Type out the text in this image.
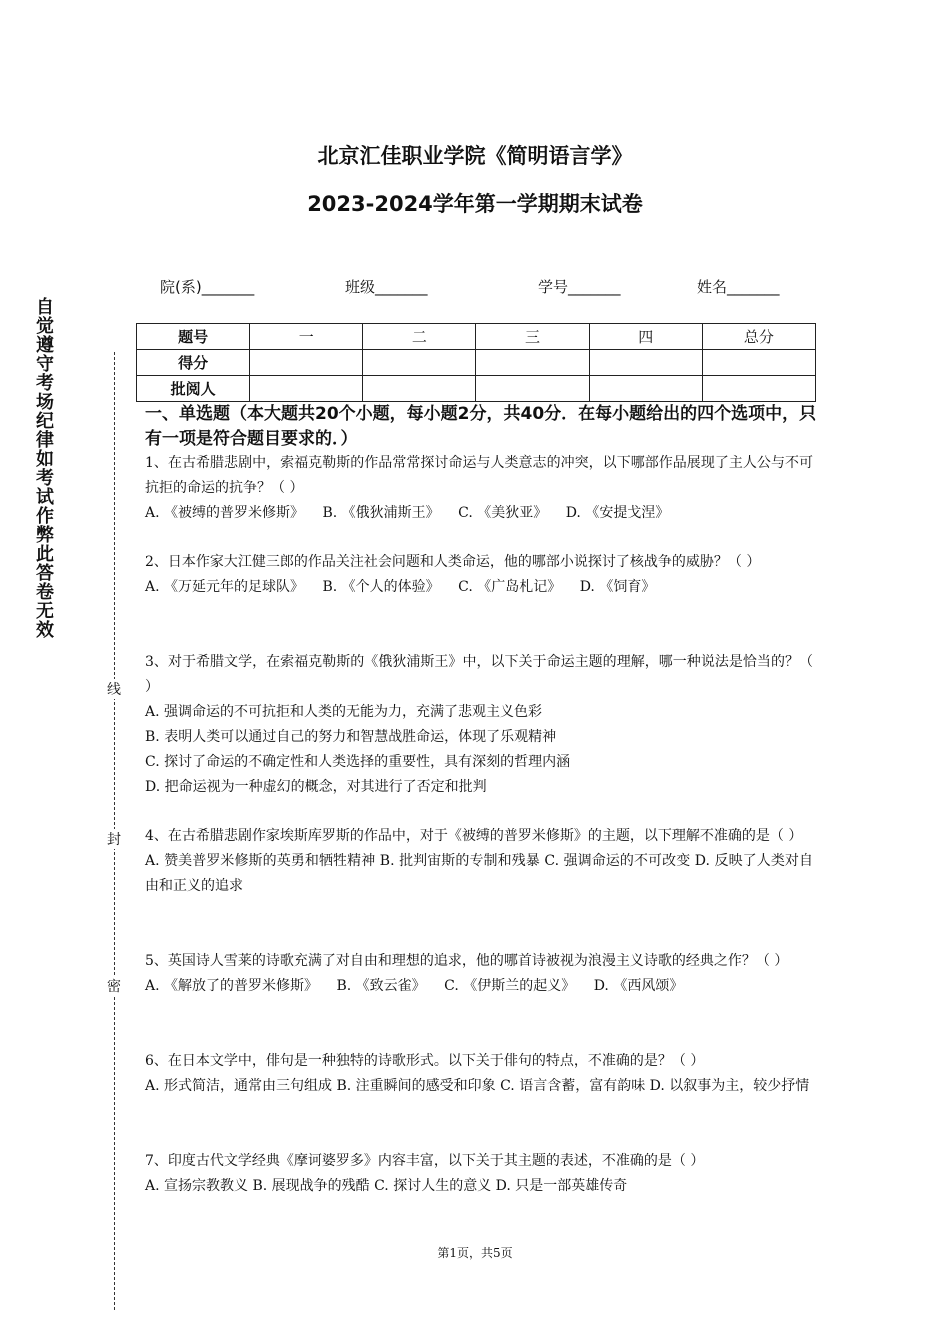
北京汇佳职业学院《简明语言学》
2023-2024学年第一学期期末试卷
院(系)_______	班级_______	学号_______	姓名_______
题号	一	二	三	四	总分
得分					
批阅人					
自觉遵守考场纪律如考试作弊此答卷无效
线
封
密
一、单选题（本大题共20个小题，每小题2分，共40分．在每小题给出的四个选项中，只有一项是符合题目要求的．）

1、在古希腊悲剧中，索福克勒斯的作品常常探讨命运与人类意志的冲突，以下哪部作品展现了主人公与不可抗拒的命运的抗争？（ ）

A. 《被缚的普罗米修斯》 B. 《俄狄浦斯王》 C. 《美狄亚》 D. 《安提戈涅》

2、日本作家大江健三郎的作品关注社会问题和人类命运，他的哪部小说探讨了核战争的威胁？（ ）

A. 《万延元年的足球队》 B. 《个人的体验》 C. 《广岛札记》 D. 《饲育》

3、对于希腊文学，在索福克勒斯的《俄狄浦斯王》中，以下关于命运主题的理解，哪一种说法是恰当的？（ ）

A. 强调命运的不可抗拒和人类的无能为力，充满了悲观主义色彩

B. 表明人类可以通过自己的努力和智慧战胜命运，体现了乐观精神

C. 探讨了命运的不确定性和人类选择的重要性，具有深刻的哲理内涵

D. 把命运视为一种虚幻的概念，对其进行了否定和批判

4、在古希腊悲剧作家埃斯库罗斯的作品中，对于《被缚的普罗米修斯》的主题，以下理解不准确的是（ ）

A. 赞美普罗米修斯的英勇和牺牲精神 B. 批判宙斯的专制和残暴 C. 强调命运的不可改变 D. 反映了人类对自由和正义的追求

5、英国诗人雪莱的诗歌充满了对自由和理想的追求，他的哪首诗被视为浪漫主义诗歌的经典之作？（ ）

A. 《解放了的普罗米修斯》 B. 《致云雀》 C. 《伊斯兰的起义》 D. 《西风颂》

6、在日本文学中，俳句是一种独特的诗歌形式。以下关于俳句的特点，不准确的是？（ ）

A. 形式简洁，通常由三句组成 B. 注重瞬间的感受和印象 C. 语言含蓄，富有韵味 D. 以叙事为主，较少抒情

7、印度古代文学经典《摩诃婆罗多》内容丰富，以下关于其主题的表述，不准确的是（ ）

A. 宣扬宗教教义 B. 展现战争的残酷 C. 探讨人生的意义 D. 只是一部英雄传奇

第1页，共5页
